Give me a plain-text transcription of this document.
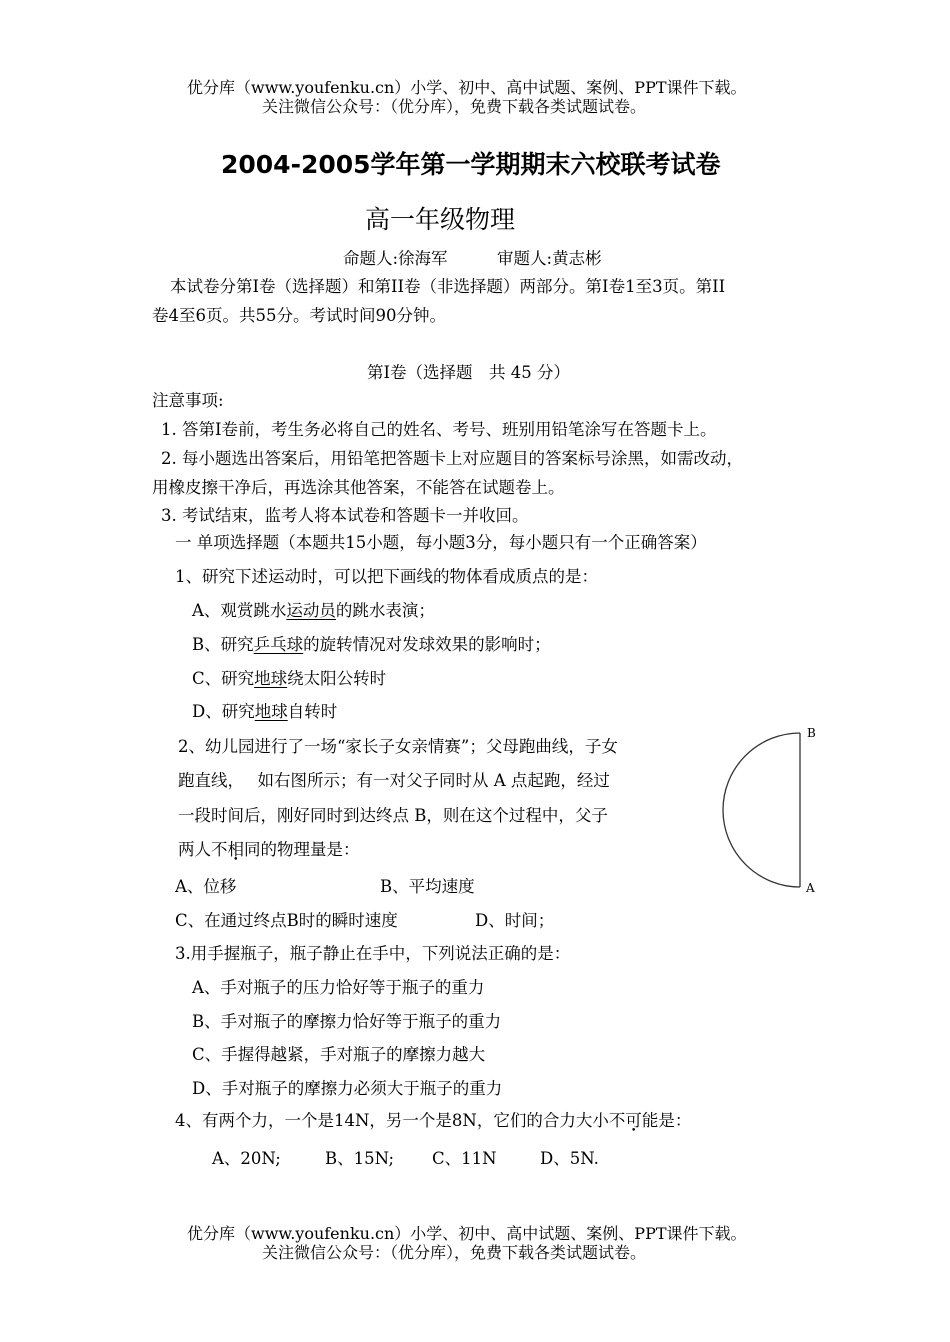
优分库（www.youfenku.cn）小学、初中、高中试题、案例、PPT课件下载。
关注微信公众号：（优分库），免费下载各类试题试卷。
2004-2005学年第一学期期末六校联考试卷
高一年级物理
命题人:徐海军　　　审题人:黄志彬
本试卷分第I卷（选择题）和第II卷（非选择题）两部分。第I卷1至3页。第II
卷4至6页。共55分。考试时间90分钟。
第I卷（选择题　共 45 分）
注意事项:
1. 答第I卷前，考生务必将自己的姓名、考号、班别用铅笔涂写在答题卡上。
2. 每小题选出答案后，用铅笔把答题卡上对应题目的答案标号涂黑，如需改动，
用橡皮擦干净后，再选涂其他答案，不能答在试题卷上。
3. 考试结束，监考人将本试卷和答题卡一并收回。
一 单项选择题（本题共15小题，每小题3分，每小题只有一个正确答案）
1、研究下述运动时，可以把下画线的物体看成质点的是：
A、观赏跳水运动员的跳水表演；
B、研究乒乓球的旋转情况对发球效果的影响时；
C、研究地球绕太阳公转时
D、研究地球自转时
2、幼儿园进行了一场“家长子女亲情赛”；父母跑曲线，子女
跑直线，　 如右图所示；有一对父子同时从 A 点起跑，经过
一段时间后，刚好同时到达终点 B，则在这个过程中，父子
两人不相同的物理量是：
B
A
A、位移	B、平均速度
C、在通过终点B时的瞬时速度	D、时间；
3.用手握瓶子，瓶子静止在手中，下列说法正确的是：
A、手对瓶子的压力恰好等于瓶子的重力
B、手对瓶子的摩擦力恰好等于瓶子的重力
C、手握得越紧，手对瓶子的摩擦力越大
D、手对瓶子的摩擦力必须大于瓶子的重力
4、有两个力，一个是14N，另一个是8N，它们的合力大小不可能是：
A、20N;	B、15N; C、11N	D、5N.
优分库（www.youfenku.cn）小学、初中、高中试题、案例、PPT课件下载。
关注微信公众号：（优分库），免费下载各类试题试卷。
